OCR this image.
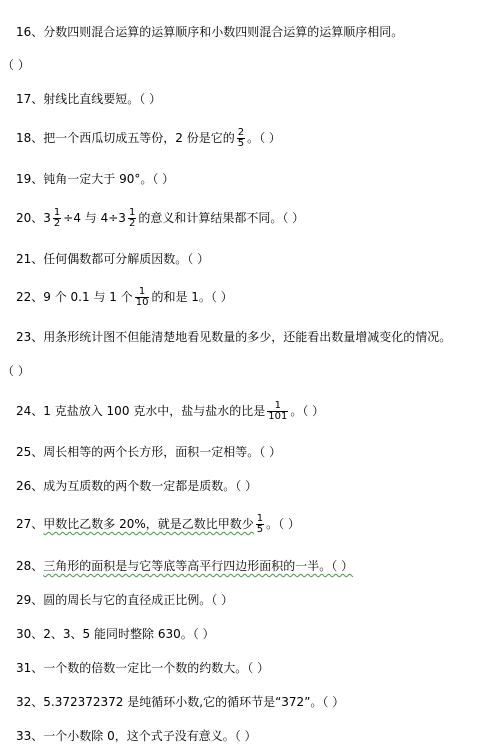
16、分数四则混合运算的运算顺序和小数四则混合运算的运算顺序相同。
（ ）
17、射线比直线要短。（ ）
18、把一个西瓜切成五等份，2 份是它的 $\frac{2}{5}$ 。（ ）
19、钝角一定大于 90°。（ ）
20、$3 \frac{1}{2} \div 4$ 与 $4\div 3 \frac{1}{2}$ 的意义和计算结果都不同。（ ）
21、任何偶数都可分解质因数。（ ）
22、9 个 0.1 与 1 个 $\frac{1}{10}$ 的和是 1。（ ）
23、用条形统计图不但能清楚地看见数量的多少，还能看出数量增减变化的情况。
（ ）
24、1 克盐放入 100 克水中，盐与盐水的比是 $\frac{1}{101}$ 。（ ）
25、周长相等的两个长方形，面积一定相等。（ ）
26、成为互质数的两个数一定都是质数。（ ）
27、甲数比乙数多 20%，就是乙数比甲数少 $\frac{1}{5}$ 。（ ）
28、三角形的面积是与它等底等高平行四边形面积的一半。（ ）
29、圆的周长与它的直径成正比例。（ ）
30、2、3、5 能同时整除 630。（ ）
31、一个数的倍数一定比一个数的约数大。（ ）
32、5.372372372 是纯循环小数,它的循环节是“372”。（ ）
33、一个小数除 0，这个式子没有意义。（ ）
